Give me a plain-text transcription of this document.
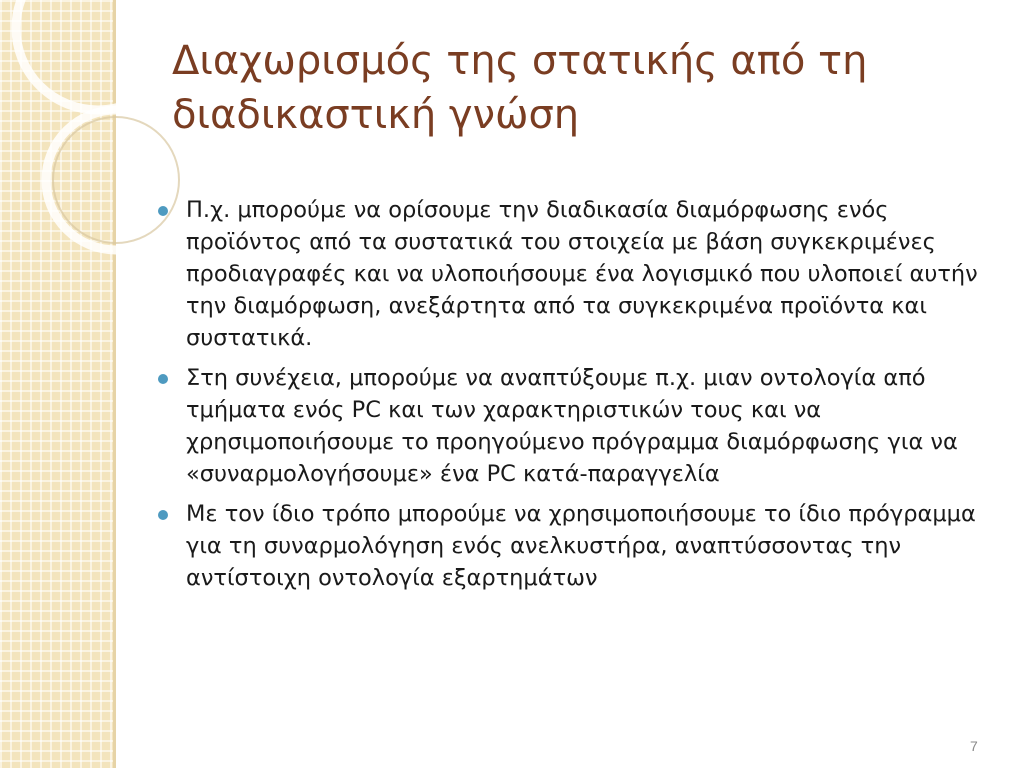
Διαχωρισμός της στατικής από τη διαδικαστική γνώση
Π.χ. μπορούμε να ορίσουμε την διαδικασία διαμόρφωσης ενός προϊόντος από τα συστατικά του στοιχεία με βάση συγκεκριμένες προδιαγραφές και να υλοποιήσουμε ένα λογισμικό που υλοποιεί αυτήν την διαμόρφωση, ανεξάρτητα από τα συγκεκριμένα προϊόντα και συστατικά.
Στη συνέχεια, μπορούμε να αναπτύξουμε π.χ. μιαν οντολογία από τμήματα ενός PC και των χαρακτηριστικών τους και να χρησιμοποιήσουμε το προηγούμενο πρόγραμμα διαμόρφωσης για να «συναρμολογήσουμε» ένα PC κατά-παραγγελία
Με τον ίδιο τρόπο μπορούμε να χρησιμοποιήσουμε το ίδιο πρόγραμμα για τη συναρμολόγηση ενός ανελκυστήρα, αναπτύσσοντας την αντίστοιχη οντολογία εξαρτημάτων
7
